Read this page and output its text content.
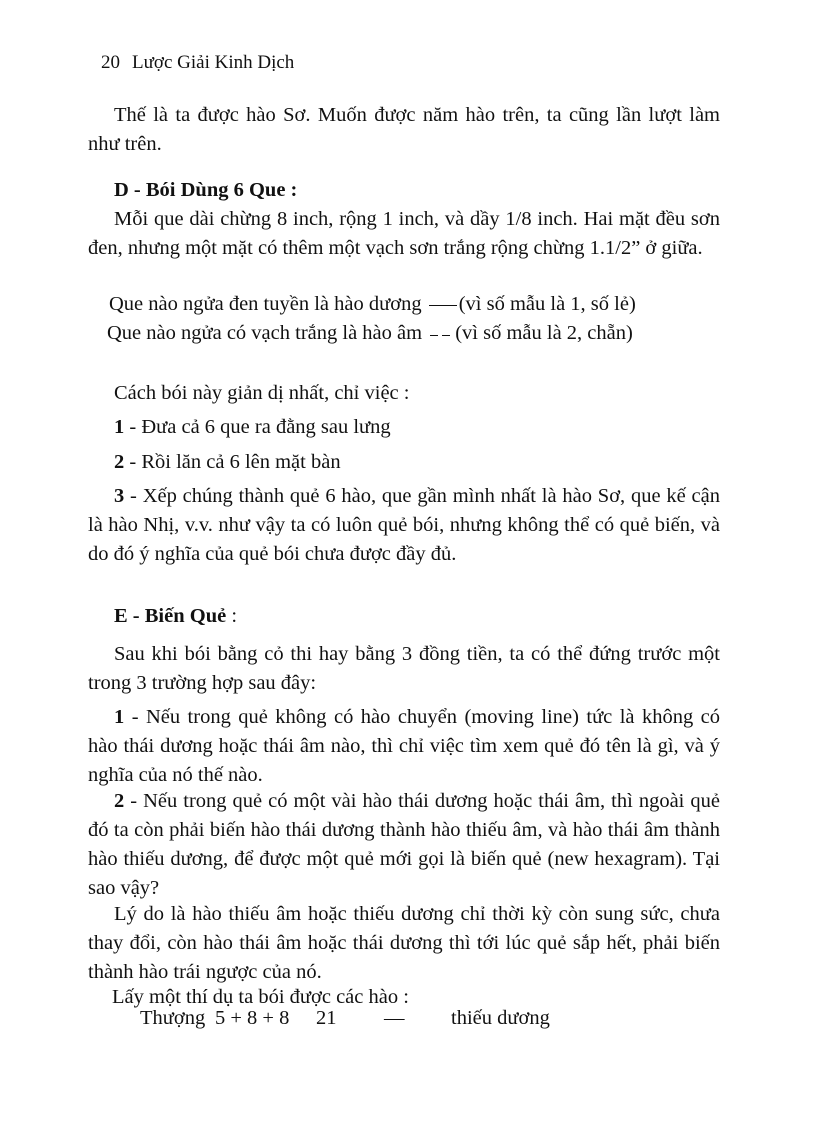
20 Lược Giải Kinh Dịch
Thế là ta được hào Sơ. Muốn được năm hào trên, ta cũng lần lượt làm như trên.
D - Bói Dùng 6 Que :
Mỗi que dài chừng 8 inch, rộng 1 inch, và dầy 1/8 inch. Hai mặt đều sơn đen, nhưng một mặt có thêm một vạch sơn trắng rộng chừng 1.1/2” ở giữa.
Que nào ngửa đen tuyền là hào dương (vì số mẫu là 1, số lẻ)
Que nào ngửa có vạch trắng là hào âm (vì số mẫu là 2, chẵn)
Cách bói này giản dị nhất, chỉ việc :
1 - Đưa cả 6 que ra đằng sau lưng
2 - Rồi lăn cả 6 lên mặt bàn
3 - Xếp chúng thành quẻ 6 hào, que gần mình nhất là hào Sơ, que kế cận là hào Nhị, v.v. như vậy ta có luôn quẻ bói, nhưng không thể có quẻ biến, và do đó ý nghĩa của quẻ bói chưa được đầy đủ.
E - Biến Quẻ :
Sau khi bói bằng cỏ thi hay bằng 3 đồng tiền, ta có thể đứng trước một trong 3 trường hợp sau đây:
1 - Nếu trong quẻ không có hào chuyển (moving line) tức là không có hào thái dương hoặc thái âm nào, thì chỉ việc tìm xem quẻ đó tên là gì, và ý nghĩa của nó thế nào.
2 - Nếu trong quẻ có một vài hào thái dương hoặc thái âm, thì ngoài quẻ đó ta còn phải biến hào thái dương thành hào thiếu âm, và hào thái âm thành hào thiếu dương, để được một quẻ mới gọi là biến quẻ (new hexagram). Tại sao vậy?
Lý do là hào thiếu âm hoặc thiếu dương chỉ thời kỳ còn sung sức, chưa thay đổi, còn hào thái âm hoặc thái dương thì tới lúc quẻ sắp hết, phải biến thành hào trái ngược của nó.
Lấy một thí dụ ta bói được các hào :
Thượng 5 + 8 + 8 21 — thiếu dương
